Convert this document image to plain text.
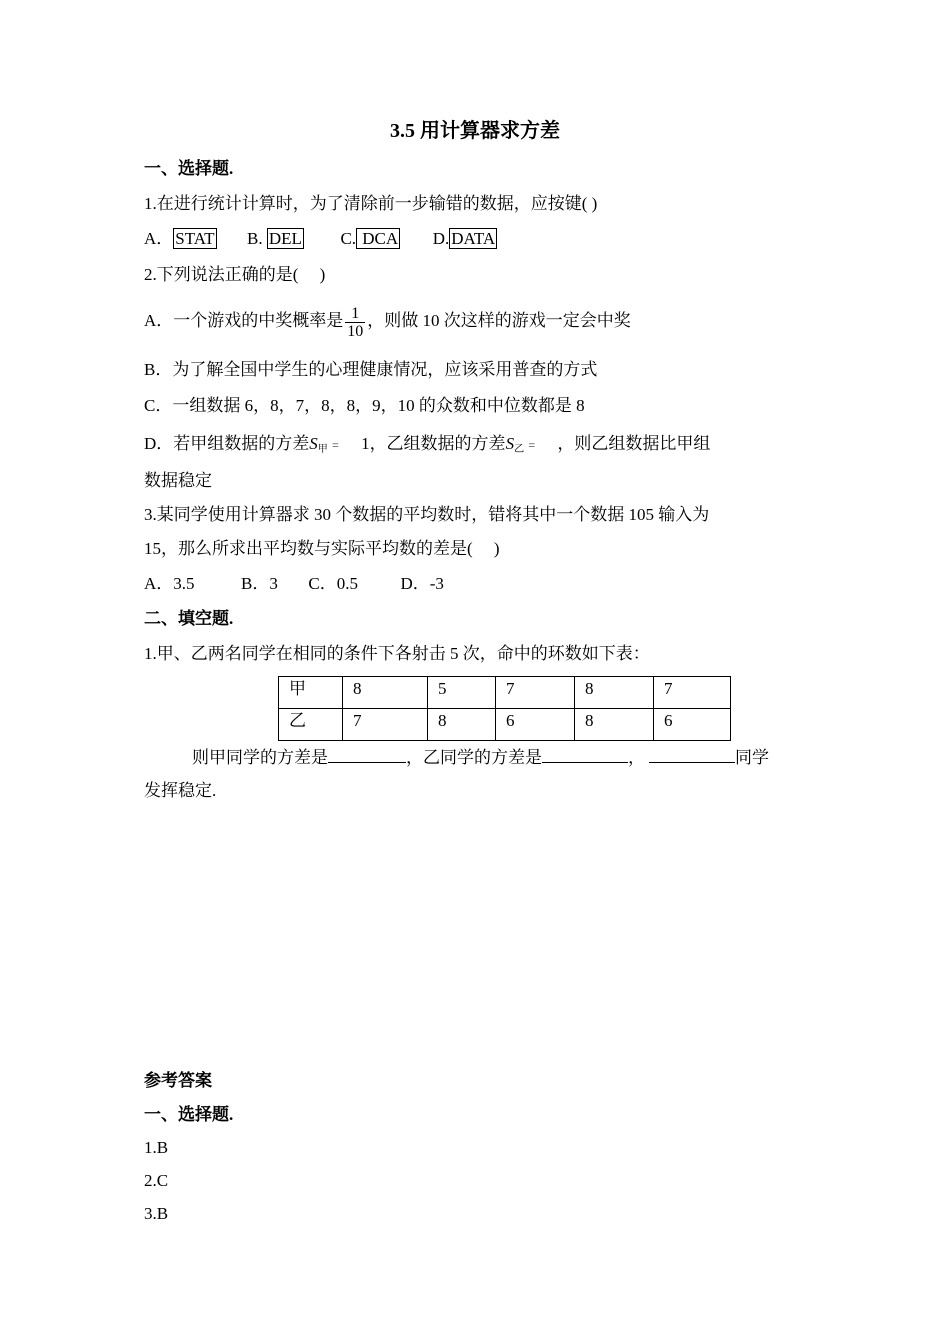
3.5 用计算器求方差
一、选择题.
1.在进行统计计算时，为了清除前一步输错的数据，应按键( )
A． STAT B. DEL C. DCA D. DATA
2.下列说法正确的是(     )
A．一个游戏的中奖概率是 $\frac{1}{10}$ ，则做 10 次这样的游戏一定会中奖
B．为了解全国中学生的心理健康情况，应该采用普查的方式
C．一组数据 6，8，7，8，8，9，10 的众数和中位数都是 8
D．若甲组数据的方差$S_甲 = 1$，乙组数据的方差$S_乙$ = ，则乙组数据比甲组
数据稳定
3.某同学使用计算器求 30 个数据的平均数时，错将其中一个数据 105 输入为
15，那么所求出平均数与实际平均数的差是(     )
A．3.5	B．3 C．0.5	D．-3
二、填空题.
1.甲、乙两名同学在相同的条件下各射击 5 次，命中的环数如下表：
甲	8	5	7	8	7
乙	7	8	6	8	6
则甲同学的方差是	，乙同学的方差是	，	同学
发挥稳定.
参考答案
一、选择题.
1.B
2.C
3.B
